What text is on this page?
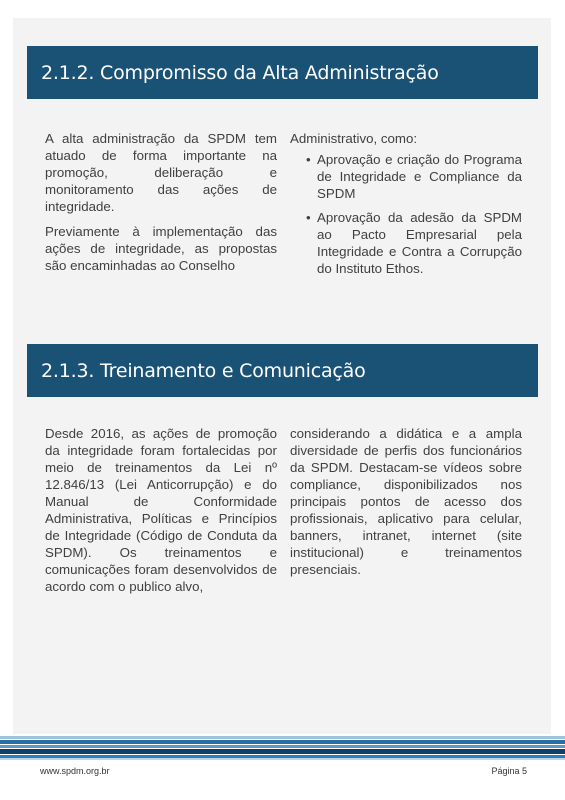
2.1.2. Compromisso da Alta Administração

A alta administração da SPDM tem atuado de forma importante na promoção, deliberação e monitoramento das ações de integridade.

Previamente à implementação das ações de integridade, as propostas são encaminhadas ao Conselho

Administrativo, como:
• Aprovação e criação do Programa de Integridade e Compliance da SPDM
• Aprovação da adesão da SPDM ao Pacto Empresarial pela Integridade e Contra a Corrupção do Instituto Ethos.
2.1.3. Treinamento e Comunicação

Desde 2016, as ações de promoção da integridade foram fortalecidas por meio de treinamentos da Lei nº 12.846/13 (Lei Anticorrupção) e do Manual de Conformidade Administrativa, Políticas e Princípios de Integridade (Código de Conduta da SPDM). Os treinamentos e comunicações foram desenvolvidos de acordo com o publico alvo,

considerando a didática e a ampla diversidade de perfis dos funcionários da SPDM. Destacam-se vídeos sobre compliance, disponibilizados nos principais pontos de acesso dos profissionais, aplicativo para celular, banners, intranet, internet (site institucional) e treinamentos presenciais.

www.spdm.org.br	Página 5
